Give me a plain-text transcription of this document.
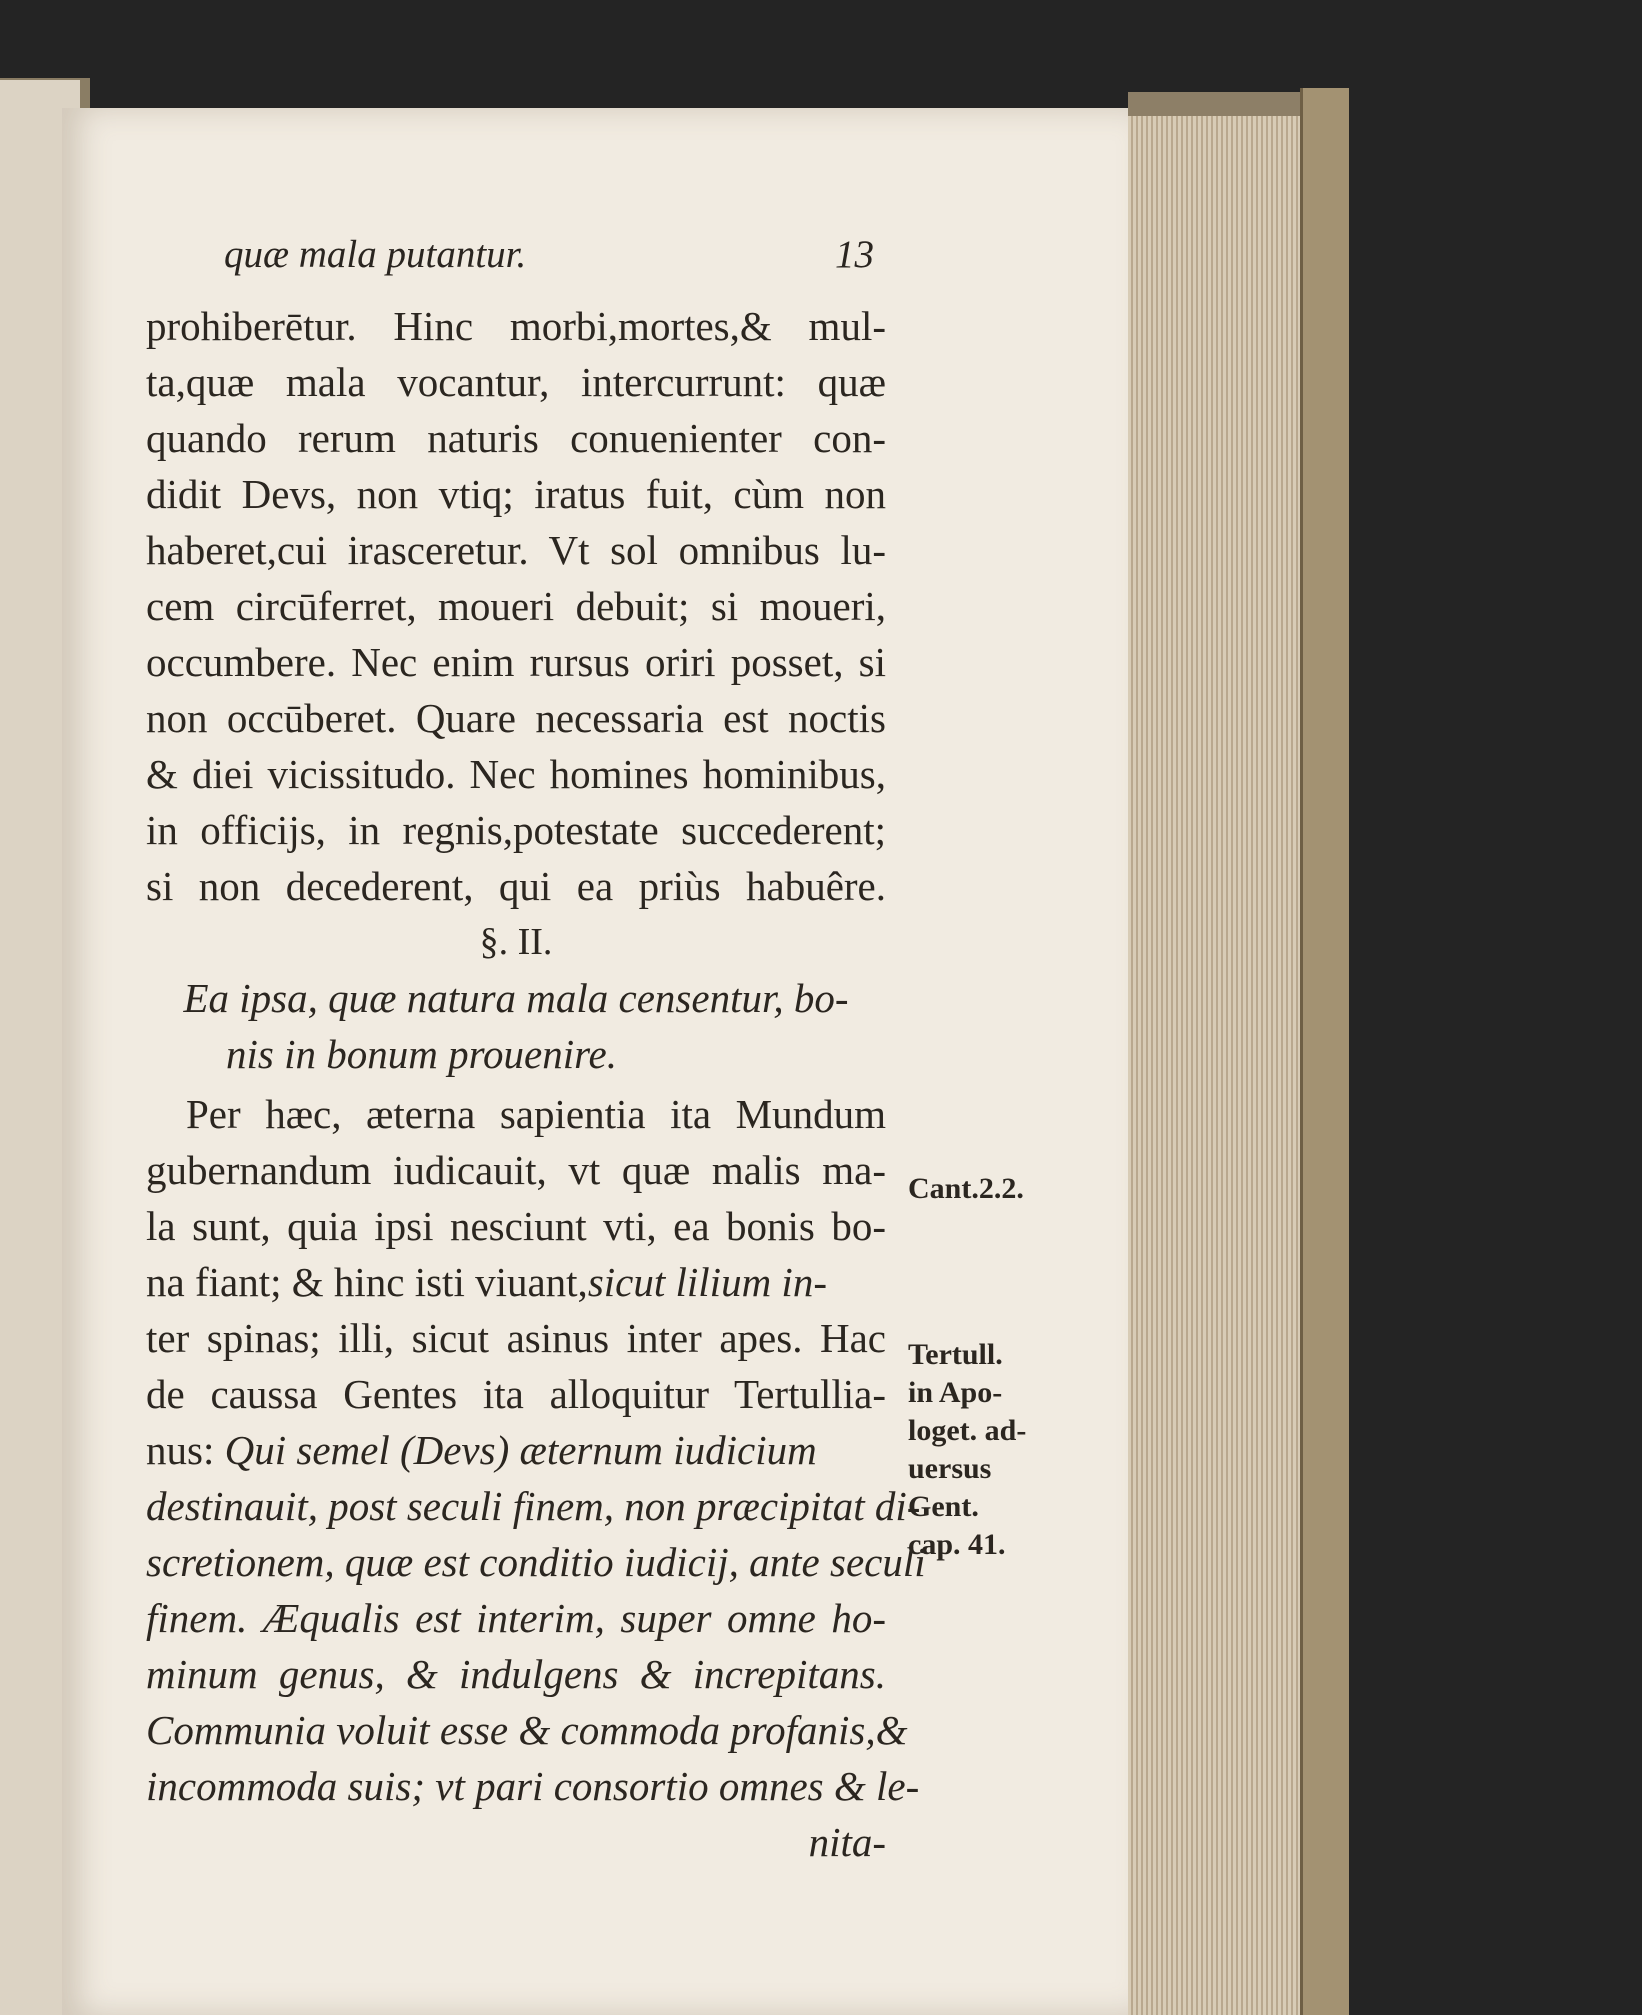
quæ mala putantur.	13
prohiberētur. Hinc morbi,mortes,& mul-
ta,quæ mala vocantur, intercurrunt: quæ
quando rerum naturis conuenienter con-
didit Devs, non vtiq; iratus fuit, cùm non
haberet,cui irasceretur. Vt sol omnibus lu-
cem circūferret, moueri debuit; si moueri,
occumbere. Nec enim rursus oriri posset, si
non occūberet. Quare necessaria est noctis
& diei vicissitudo. Nec homines hominibus,
in officijs, in regnis,potestate succederent;
si non decederent, qui ea priùs habuêre.
§. II.
Ea ipsa, quæ natura mala censentur, bo-
nis in bonum prouenire.
Per hæc, æterna sapientia ita Mundum
gubernandum iudicauit, vt quæ malis ma-
la sunt, quia ipsi nesciunt vti, ea bonis bo-
na fiant; & hinc isti viuant,sicut lilium in-
ter spinas; illi, sicut asinus inter apes. Hac
de caussa Gentes ita alloquitur Tertullia-
nus: Qui semel (Devs) æternum iudicium
destinauit, post seculi finem, non præcipitat di-
scretionem, quæ est conditio iudicij, ante seculi
finem. Æqualis est interim, super omne ho-
minum genus, & indulgens & increpitans.
Communia voluit esse & commoda profanis,&
incommoda suis; vt pari consortio omnes & le-
nita-
Cant.2.2.
Tertull.
in Apo-
loget. ad-
uersus
Gent.
cap. 41.
